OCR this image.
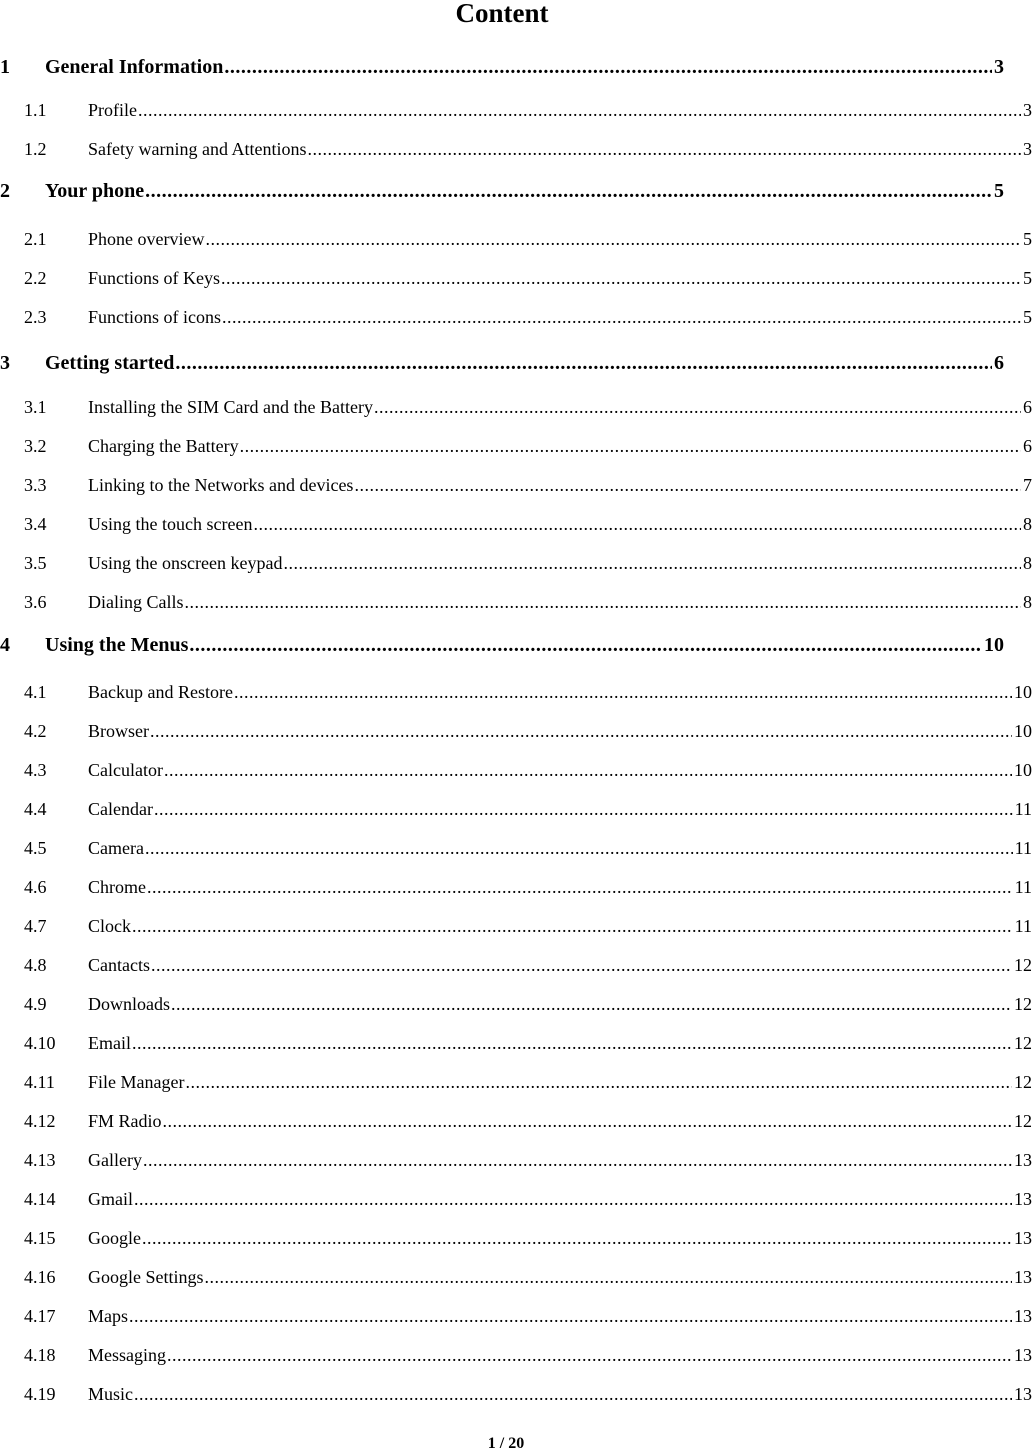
Content
1	General Information .....	3
1.1	Profile .....	3
1.2	Safety warning and Attentions .....	3
2	Your phone .....	5
2.1	Phone overview .....	5
2.2	Functions of Keys .....	5
2.3	Functions of icons .....	5
3	Getting started .....	6
3.1	Installing the SIM Card and the Battery .....	6
3.2	Charging the Battery .....	6
3.3	Linking to the Networks and devices .....	7
3.4	Using the touch screen .....	8
3.5	Using the onscreen keypad .....	8
3.6	Dialing Calls .....	8
4	Using the Menus .....	10
4.1	Backup and Restore .....	10
4.2	Browser .....	10
4.3	Calculator .....	10
4.4	Calendar .....	11
4.5	Camera .....	11
4.6	Chrome .....	11
4.7	Clock .....	11
4.8	Cantacts .....	12
4.9	Downloads .....	12
4.10	Email .....	12
4.11	File Manager .....	12
4.12	FM Radio .....	12
4.13	Gallery .....	13
4.14	Gmail .....	13
4.15	Google .....	13
4.16	Google Settings .....	13
4.17	Maps .....	13
4.18	Messaging .....	13
4.19	Music .....	13
1 / 20
